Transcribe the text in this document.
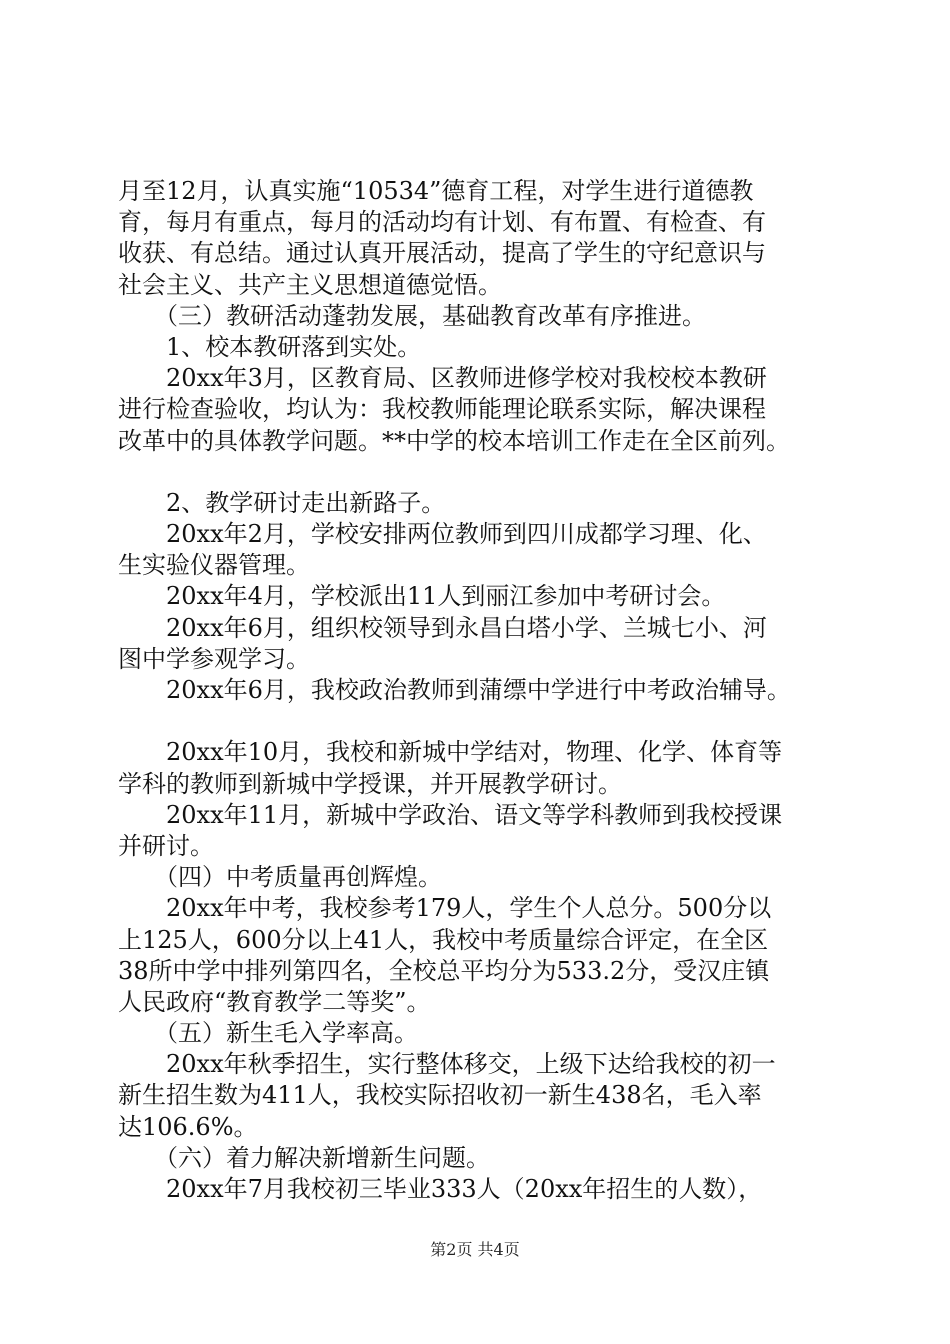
月至12月，认真实施“10534”德育工程，对学生进行道德教
育，每月有重点，每月的活动均有计划、有布置、有检查、有
收获、有总结。通过认真开展活动，提高了学生的守纪意识与
社会主义、共产主义思想道德觉悟。
　　（三）教研活动蓬勃发展，基础教育改革有序推进。
　　1、校本教研落到实处。
　　20xx年3月，区教育局、区教师进修学校对我校校本教研
进行检查验收，均认为：我校教师能理论联系实际，解决课程
改革中的具体教学问题。**中学的校本培训工作走在全区前列。
　　2、教学研讨走出新路子。
　　20xx年2月，学校安排两位教师到四川成都学习理、化、
生实验仪器管理。
　　20xx年4月，学校派出11人到丽江参加中考研讨会。
　　20xx年6月，组织校领导到永昌白塔小学、兰城七小、河
图中学参观学习。
　　20xx年6月，我校政治教师到蒲缥中学进行中考政治辅导。
　　20xx年10月，我校和新城中学结对，物理、化学、体育等
学科的教师到新城中学授课，并开展教学研讨。
　　20xx年11月，新城中学政治、语文等学科教师到我校授课
并研讨。
　　（四）中考质量再创辉煌。
　　20xx年中考，我校参考179人，学生个人总分。500分以
上125人，600分以上41人，我校中考质量综合评定，在全区
38所中学中排列第四名，全校总平均分为533.2分，受汉庄镇
人民政府“教育教学二等奖”。
　　（五）新生毛入学率高。
　　20xx年秋季招生，实行整体移交，上级下达给我校的初一
新生招生数为411人，我校实际招收初一新生438名，毛入率
达106.6%。
　　（六）着力解决新增新生问题。
　　20xx年7月我校初三毕业333人（20xx年招生的人数），
第2页 共4页
